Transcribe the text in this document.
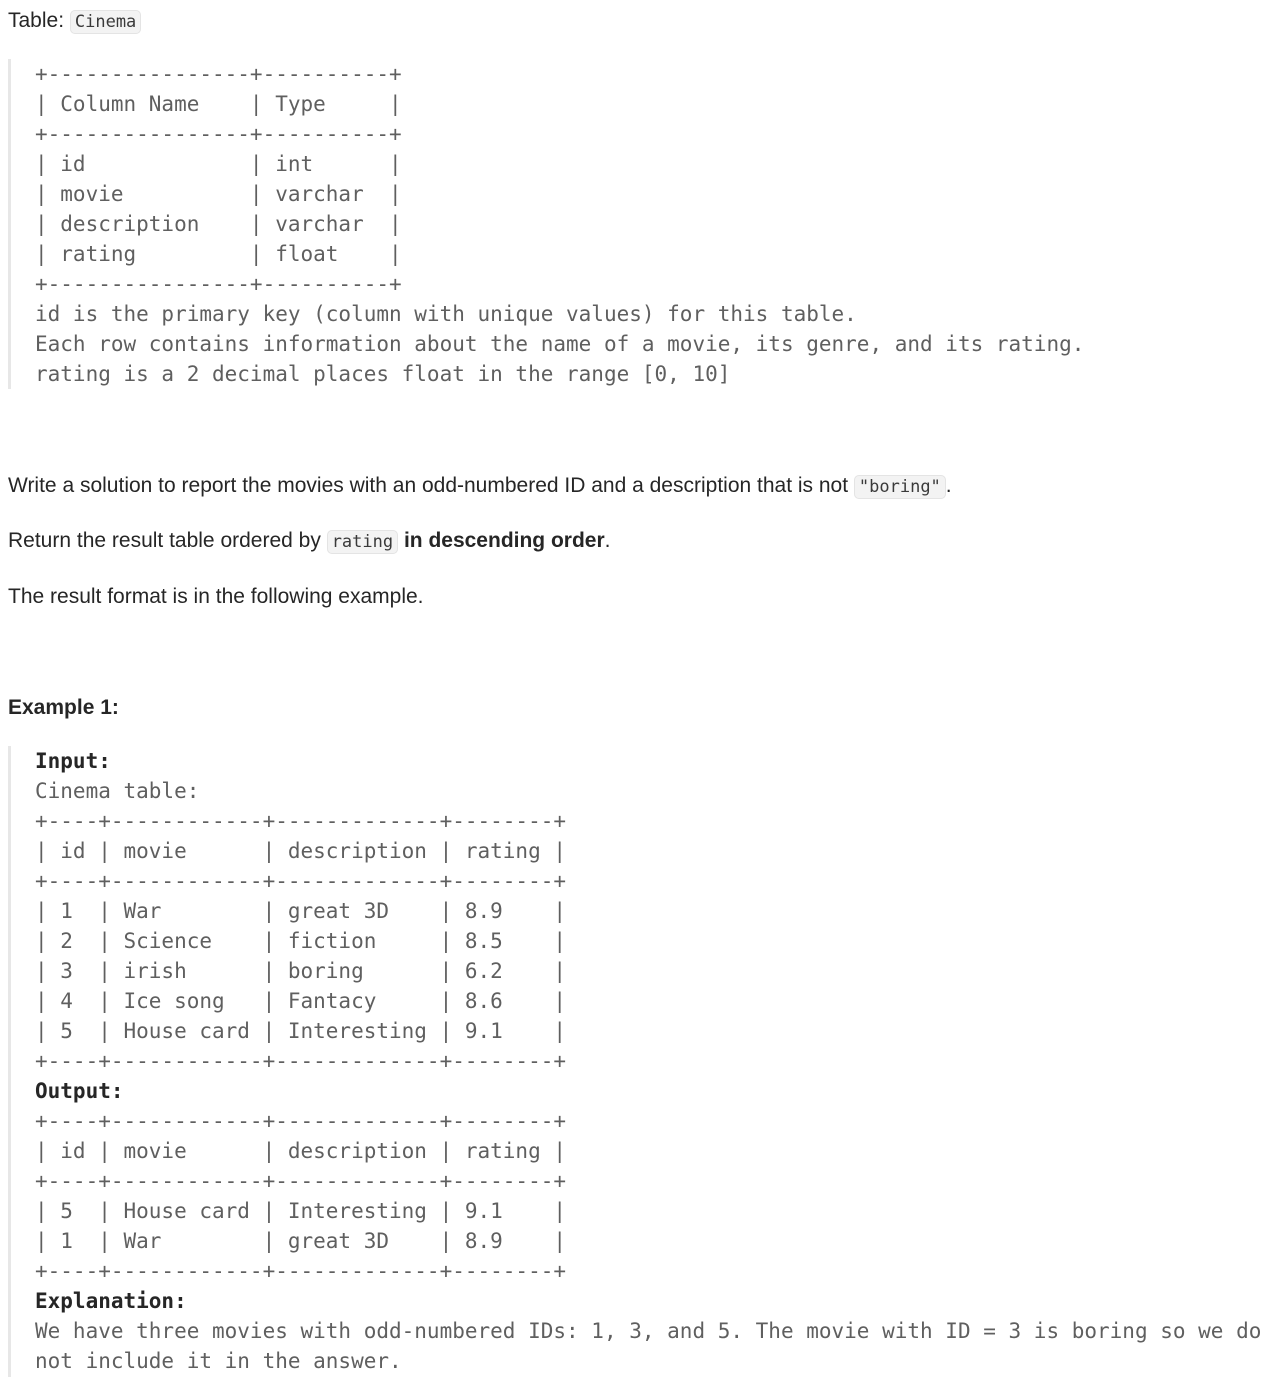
Table: Cinema
+----------------+----------+
| Column Name    | Type     |
+----------------+----------+
| id             | int      |
| movie          | varchar  |
| description    | varchar  |
| rating         | float    |
+----------------+----------+
id is the primary key (column with unique values) for this table.
Each row contains information about the name of a movie, its genre, and its rating.
rating is a 2 decimal places float in the range [0, 10]
Write a solution to report the movies with an odd-numbered ID and a description that is not "boring" .
Return the result table ordered by rating in descending order.
The result format is in the following example.
Example 1:
Input:
Cinema table:
+----+------------+-------------+--------+
| id | movie      | description | rating |
+----+------------+-------------+--------+
| 1  | War        | great 3D    | 8.9    |
| 2  | Science    | fiction     | 8.5    |
| 3  | irish      | boring      | 6.2    |
| 4  | Ice song   | Fantacy     | 8.6    |
| 5  | House card | Interesting | 9.1    |
+----+------------+-------------+--------+
Output:
+----+------------+-------------+--------+
| id | movie      | description | rating |
+----+------------+-------------+--------+
| 5  | House card | Interesting | 9.1    |
| 1  | War        | great 3D    | 8.9    |
+----+------------+-------------+--------+
Explanation:
We have three movies with odd-numbered IDs: 1, 3, and 5. The movie with ID = 3 is boring so we do
not include it in the answer.
